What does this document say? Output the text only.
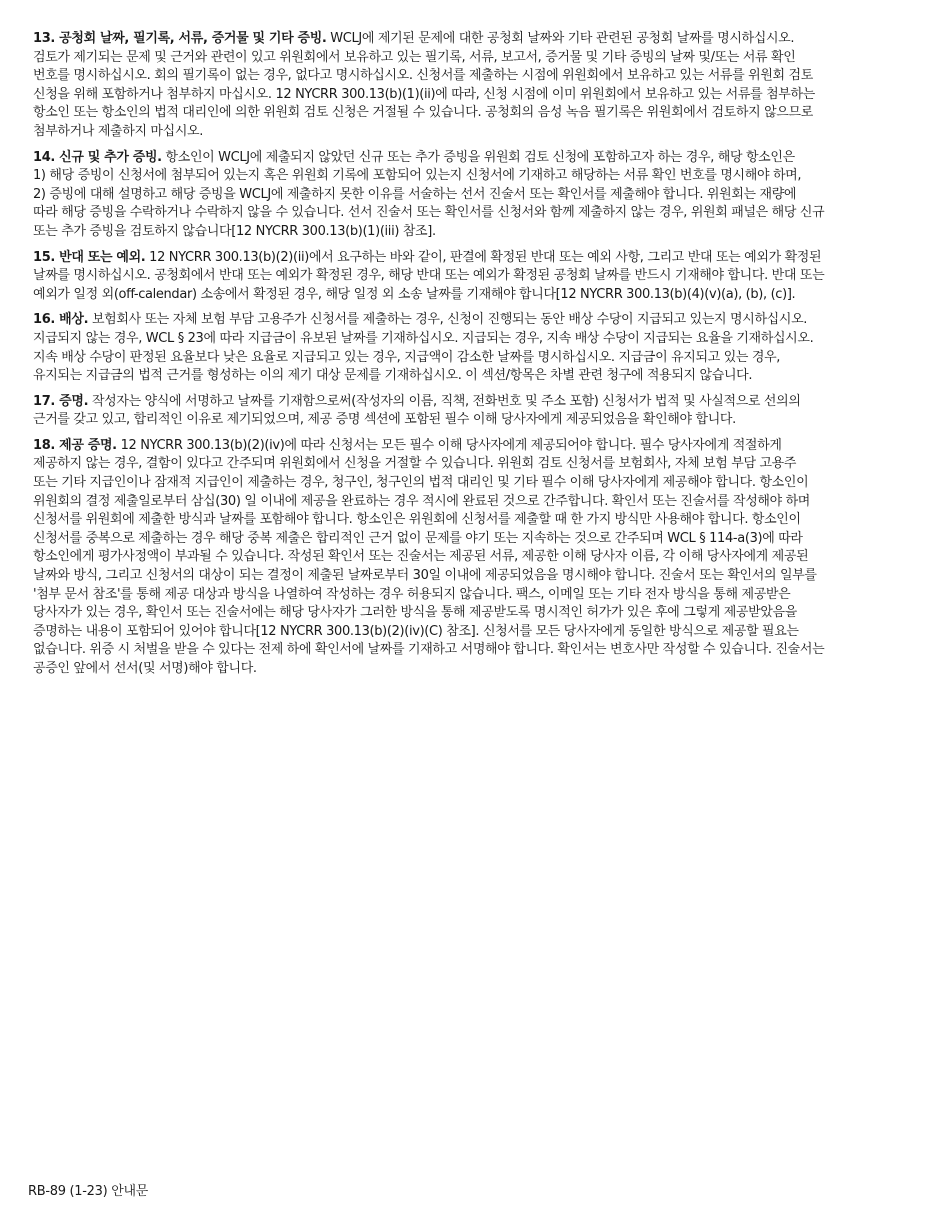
13. 공청회 날짜, 필기록, 서류, 증거물 및 기타 증빙. WCLJ에 제기된 문제에 대한 공청회 날짜와 기타 관련된 공청회 날짜를 명시하십시오.
검토가 제기되는 문제 및 근거와 관련이 있고 위원회에서 보유하고 있는 필기록, 서류, 보고서, 증거물 및 기타 증빙의 날짜 및/또는 서류 확인
번호를 명시하십시오. 회의 필기록이 없는 경우, 없다고 명시하십시오. 신청서를 제출하는 시점에 위원회에서 보유하고 있는 서류를 위원회 검토
신청을 위해 포함하거나 첨부하지 마십시오. 12 NYCRR 300.13(b)(1)(ii)에 따라, 신청 시점에 이미 위원회에서 보유하고 있는 서류를 첨부하는
항소인 또는 항소인의 법적 대리인에 의한 위원회 검토 신청은 거절될 수 있습니다. 공청회의 음성 녹음 필기록은 위원회에서 검토하지 않으므로
첨부하거나 제출하지 마십시오.
14. 신규 및 추가 증빙. 항소인이 WCLJ에 제출되지 않았던 신규 또는 추가 증빙을 위원회 검토 신청에 포함하고자 하는 경우, 해당 항소인은
1) 해당 증빙이 신청서에 첨부되어 있는지 혹은 위원회 기록에 포함되어 있는지 신청서에 기재하고 해당하는 서류 확인 번호를 명시해야 하며,
2) 증빙에 대해 설명하고 해당 증빙을 WCLJ에 제출하지 못한 이유를 서술하는 선서 진술서 또는 확인서를 제출해야 합니다. 위원회는 재량에
따라 해당 증빙을 수락하거나 수락하지 않을 수 있습니다. 선서 진술서 또는 확인서를 신청서와 함께 제출하지 않는 경우, 위원회 패널은 해당 신규
또는 추가 증빙을 검토하지 않습니다[12 NYCRR 300.13(b)(1)(iii) 참조].
15. 반대 또는 예외. 12 NYCRR 300.13(b)(2)(ii)에서 요구하는 바와 같이, 판결에 확정된 반대 또는 예외 사항, 그리고 반대 또는 예외가 확정된
날짜를 명시하십시오. 공청회에서 반대 또는 예외가 확정된 경우, 해당 반대 또는 예외가 확정된 공청회 날짜를 반드시 기재해야 합니다. 반대 또는
예외가 일정 외(off-calendar) 소송에서 확정된 경우, 해당 일정 외 소송 날짜를 기재해야 합니다[12 NYCRR 300.13(b)(4)(v)(a), (b), (c)].
16. 배상. 보험회사 또는 자체 보험 부담 고용주가 신청서를 제출하는 경우, 신청이 진행되는 동안 배상 수당이 지급되고 있는지 명시하십시오.
지급되지 않는 경우, WCL § 23에 따라 지급금이 유보된 날짜를 기재하십시오. 지급되는 경우, 지속 배상 수당이 지급되는 요율을 기재하십시오.
지속 배상 수당이 판정된 요율보다 낮은 요율로 지급되고 있는 경우, 지급액이 감소한 날짜를 명시하십시오. 지급금이 유지되고 있는 경우,
유지되는 지급금의 법적 근거를 형성하는 이의 제기 대상 문제를 기재하십시오. 이 섹션/항목은 차별 관련 청구에 적용되지 않습니다.
17. 증명. 작성자는 양식에 서명하고 날짜를 기재함으로써(작성자의 이름, 직책, 전화번호 및 주소 포함) 신청서가 법적 및 사실적으로 선의의
근거를 갖고 있고, 합리적인 이유로 제기되었으며, 제공 증명 섹션에 포함된 필수 이해 당사자에게 제공되었음을 확인해야 합니다.
18. 제공 증명. 12 NYCRR 300.13(b)(2)(iv)에 따라 신청서는 모든 필수 이해 당사자에게 제공되어야 합니다. 필수 당사자에게 적절하게
제공하지 않는 경우, 결함이 있다고 간주되며 위원회에서 신청을 거절할 수 있습니다. 위원회 검토 신청서를 보험회사, 자체 보험 부담 고용주
또는 기타 지급인이나 잠재적 지급인이 제출하는 경우, 청구인, 청구인의 법적 대리인 및 기타 필수 이해 당사자에게 제공해야 합니다. 항소인이
위원회의 결정 제출일로부터 삼십(30) 일 이내에 제공을 완료하는 경우 적시에 완료된 것으로 간주합니다. 확인서 또는 진술서를 작성해야 하며
신청서를 위원회에 제출한 방식과 날짜를 포함해야 합니다. 항소인은 위원회에 신청서를 제출할 때 한 가지 방식만 사용해야 합니다. 항소인이
신청서를 중복으로 제출하는 경우 해당 중복 제출은 합리적인 근거 없이 문제를 야기 또는 지속하는 것으로 간주되며 WCL § 114-a(3)에 따라
항소인에게 평가사정액이 부과될 수 있습니다. 작성된 확인서 또는 진술서는 제공된 서류, 제공한 이해 당사자 이름, 각 이해 당사자에게 제공된
날짜와 방식, 그리고 신청서의 대상이 되는 결정이 제출된 날짜로부터 30일 이내에 제공되었음을 명시해야 합니다. 진술서 또는 확인서의 일부를
'첨부 문서 참조'를 통해 제공 대상과 방식을 나열하여 작성하는 경우 허용되지 않습니다. 팩스, 이메일 또는 기타 전자 방식을 통해 제공받은
당사자가 있는 경우, 확인서 또는 진술서에는 해당 당사자가 그러한 방식을 통해 제공받도록 명시적인 허가가 있은 후에 그렇게 제공받았음을
증명하는 내용이 포함되어 있어야 합니다[12 NYCRR 300.13(b)(2)(iv)(C) 참조]. 신청서를 모든 당사자에게 동일한 방식으로 제공할 필요는
없습니다. 위증 시 처벌을 받을 수 있다는 전제 하에 확인서에 날짜를 기재하고 서명해야 합니다. 확인서는 변호사만 작성할 수 있습니다. 진술서는
공증인 앞에서 선서(및 서명)해야 합니다.
RB-89 (1-23) 안내문
